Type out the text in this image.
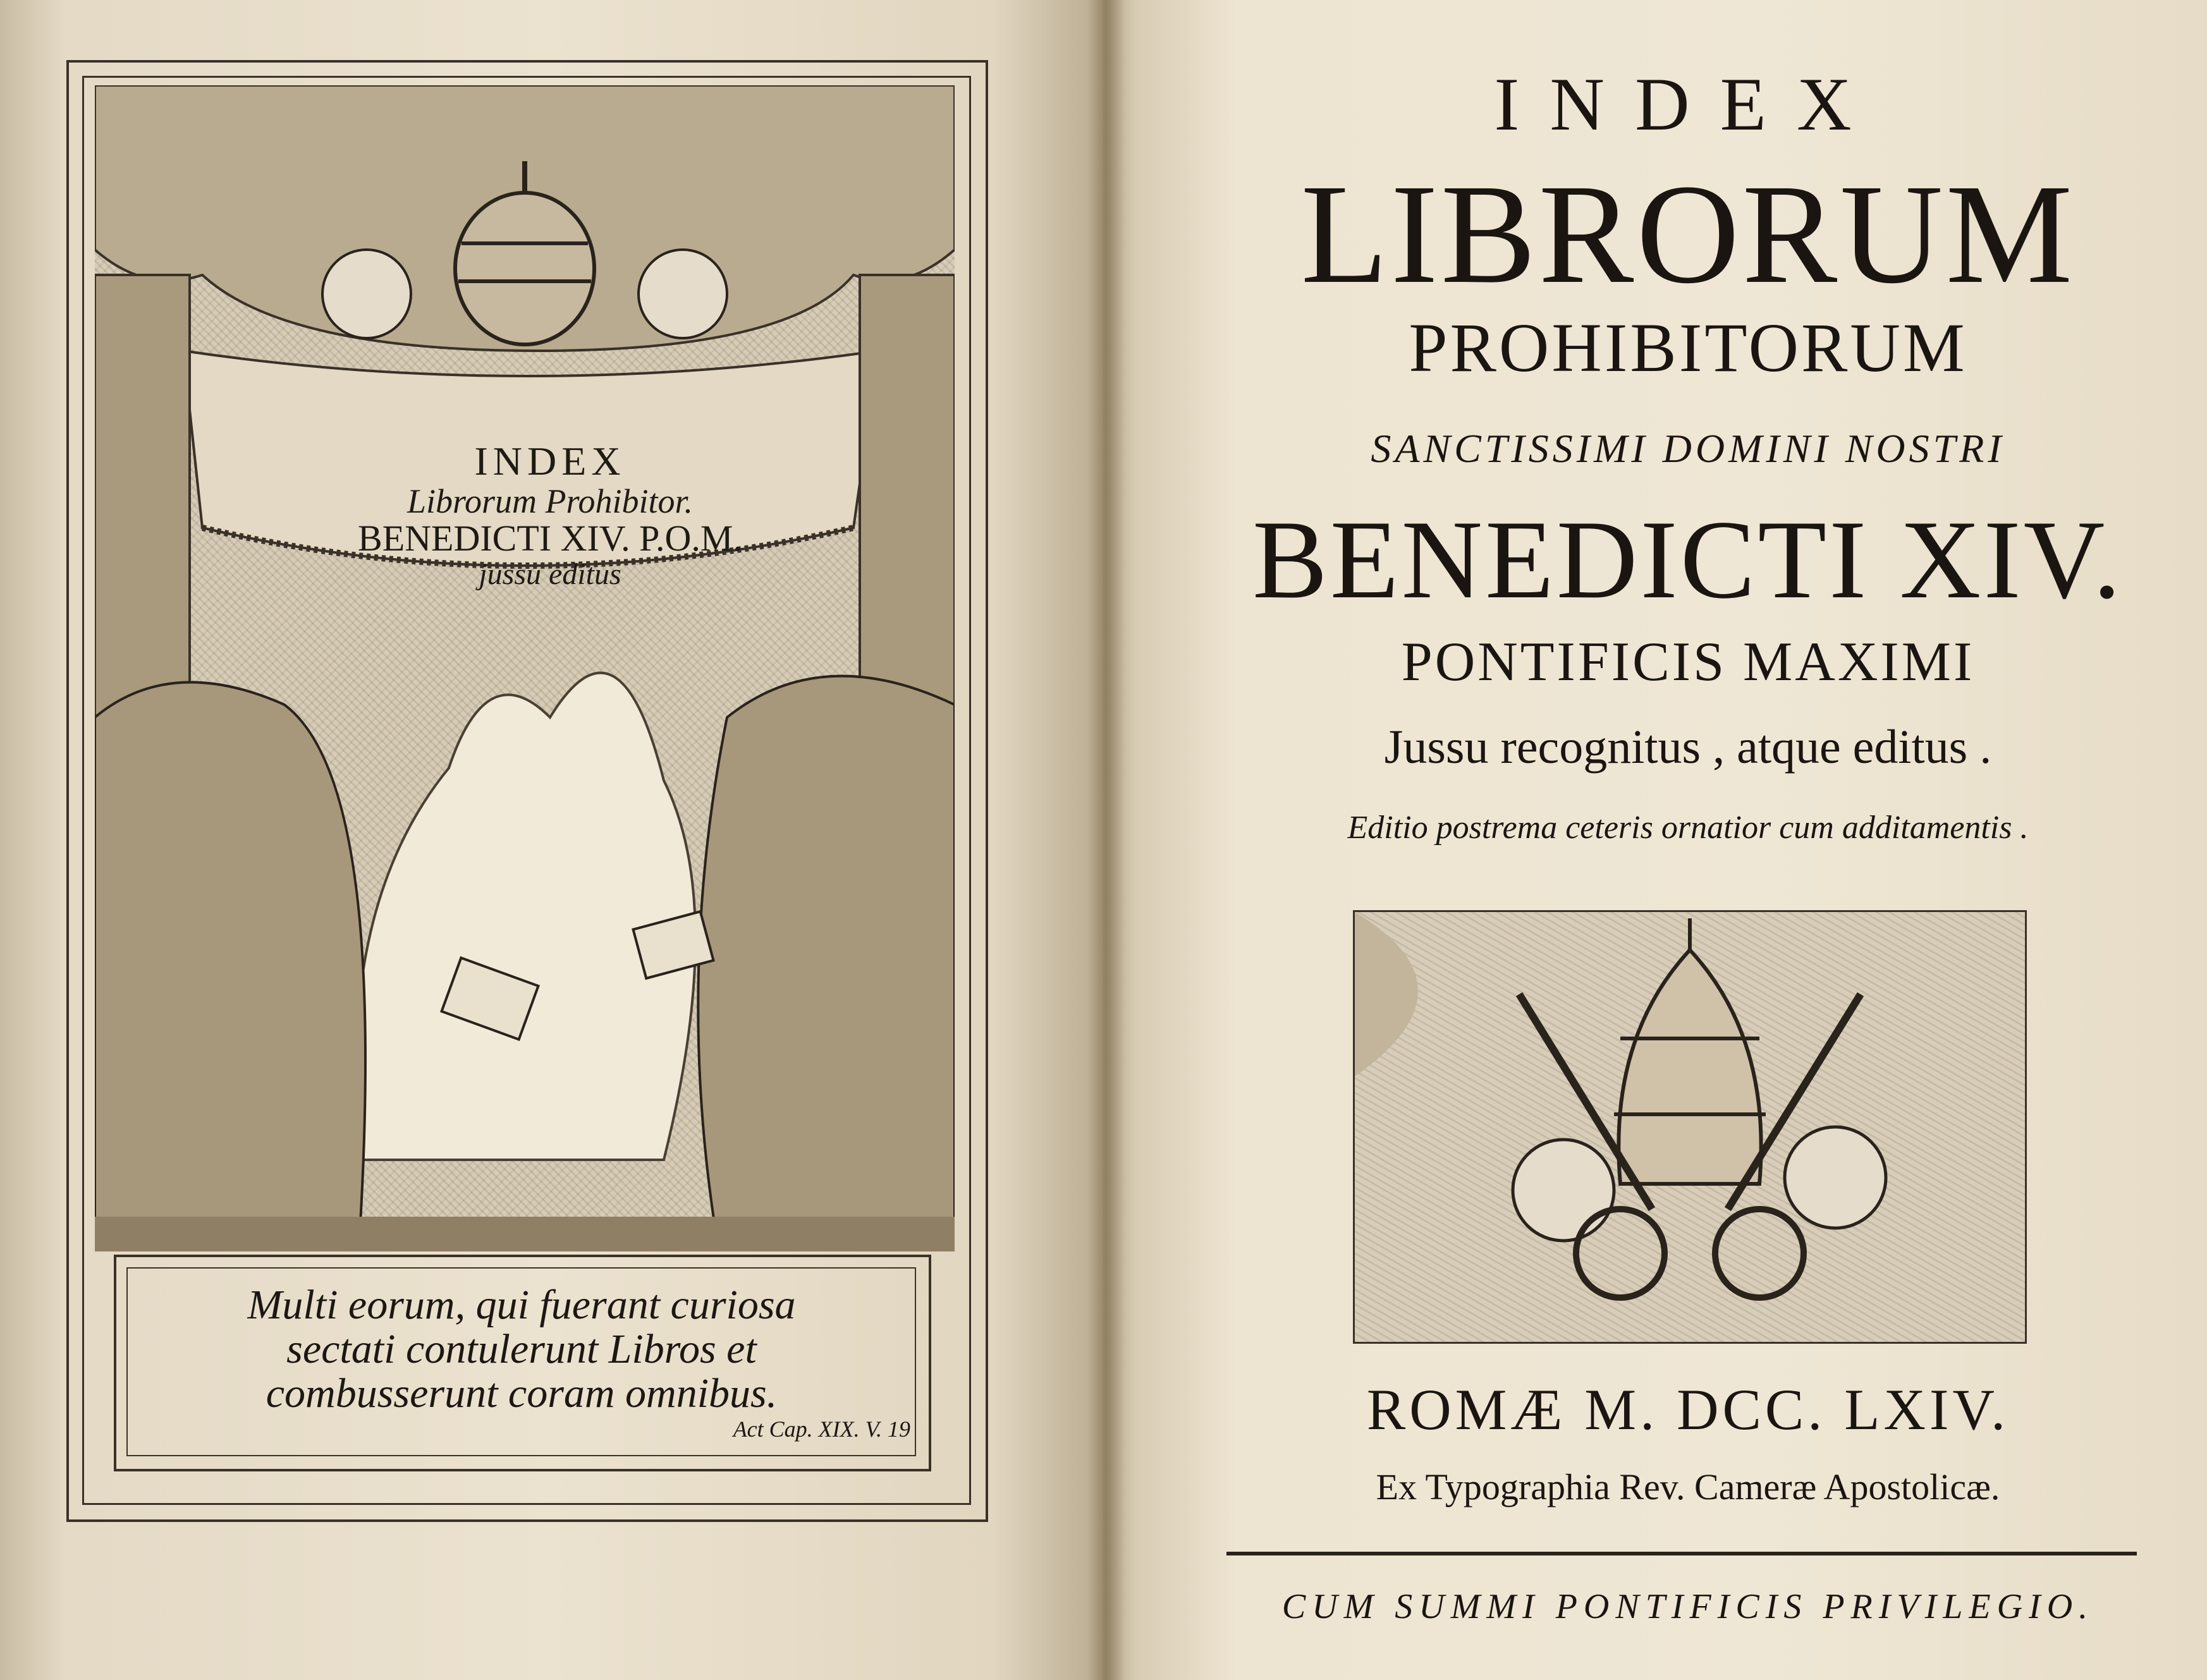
INDEX
Librorum Prohibitor.
BENEDICTI XIV. P.O.M.
jussu editus
Multi eorum, qui fuerant curiosa
sectati contulerunt Libros et
combusserunt coram omnibus.
Act Cap. XIX. V. 19
INDEX
LIBRORUM
PROHIBITORUM
SANCTISSIMI DOMINI NOSTRI
BENEDICTI XIV.
PONTIFICIS MAXIMI
Jussu recognitus , atque editus .
Editio postrema ceteris ornatior cum additamentis .
ROMÆ M. DCC. LXIV.
Ex Typographia Rev. Cameræ Apostolicæ.
CUM SUMMI PONTIFICIS PRIVILEGIO.
